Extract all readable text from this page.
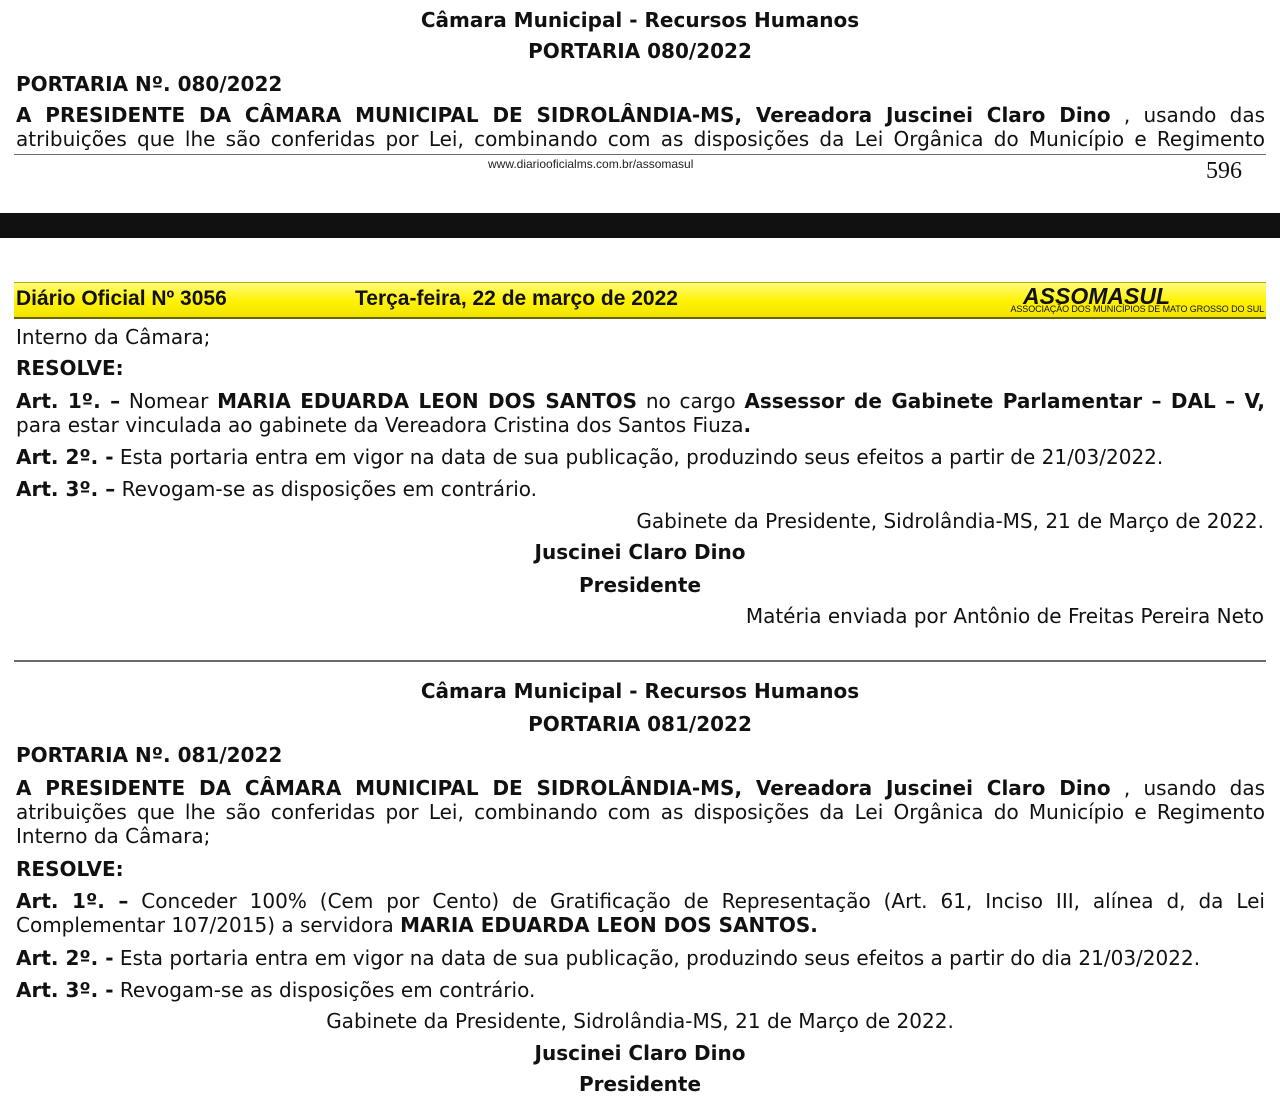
Câmara Municipal - Recursos Humanos
PORTARIA 080/2022
PORTARIA Nº. 080/2022
A PRESIDENTE DA CÂMARA MUNICIPAL DE SIDROLÂNDIA-MS, Vereadora Juscinei Claro Dino , usando das atribuições que lhe são conferidas por Lei, combinando com as disposições da Lei Orgânica do Município e Regimento
www.diariooficialms.com.br/assomasul	596
Diário Oficial Nº 3056	Terça-feira, 22 de março de 2022	ASSOMASUL
ASSOCIAÇÃO DOS MUNICÍPIOS DE MATO GROSSO DO SUL
Interno da Câmara;
RESOLVE:
Art. 1º. – Nomear MARIA EDUARDA LEON DOS SANTOS no cargo Assessor de Gabinete Parlamentar – DAL – V,
para estar vinculada ao gabinete da Vereadora Cristina dos Santos Fiuza.
Art. 2º. - Esta portaria entra em vigor na data de sua publicação, produzindo seus efeitos a partir de 21/03/2022.
Art. 3º. – Revogam-se as disposições em contrário.
Gabinete da Presidente, Sidrolândia-MS, 21 de Março de 2022.
Juscinei Claro Dino
Presidente
Matéria enviada por Antônio de Freitas Pereira Neto
Câmara Municipal - Recursos Humanos
PORTARIA 081/2022
PORTARIA Nº. 081/2022
A PRESIDENTE DA CÂMARA MUNICIPAL DE SIDROLÂNDIA-MS, Vereadora Juscinei Claro Dino , usando das atribuições que lhe são conferidas por Lei, combinando com as disposições da Lei Orgânica do Município e Regimento Interno da Câmara;
RESOLVE:
Art. 1º. – Conceder 100% (Cem por Cento) de Gratificação de Representação (Art. 61, Inciso III, alínea d, da Lei Complementar 107/2015) a servidora MARIA EDUARDA LEON DOS SANTOS.
Art. 2º. - Esta portaria entra em vigor na data de sua publicação, produzindo seus efeitos a partir do dia 21/03/2022.
Art. 3º. - Revogam-se as disposições em contrário.
Gabinete da Presidente, Sidrolândia-MS, 21 de Março de 2022.
Juscinei Claro Dino
Presidente
